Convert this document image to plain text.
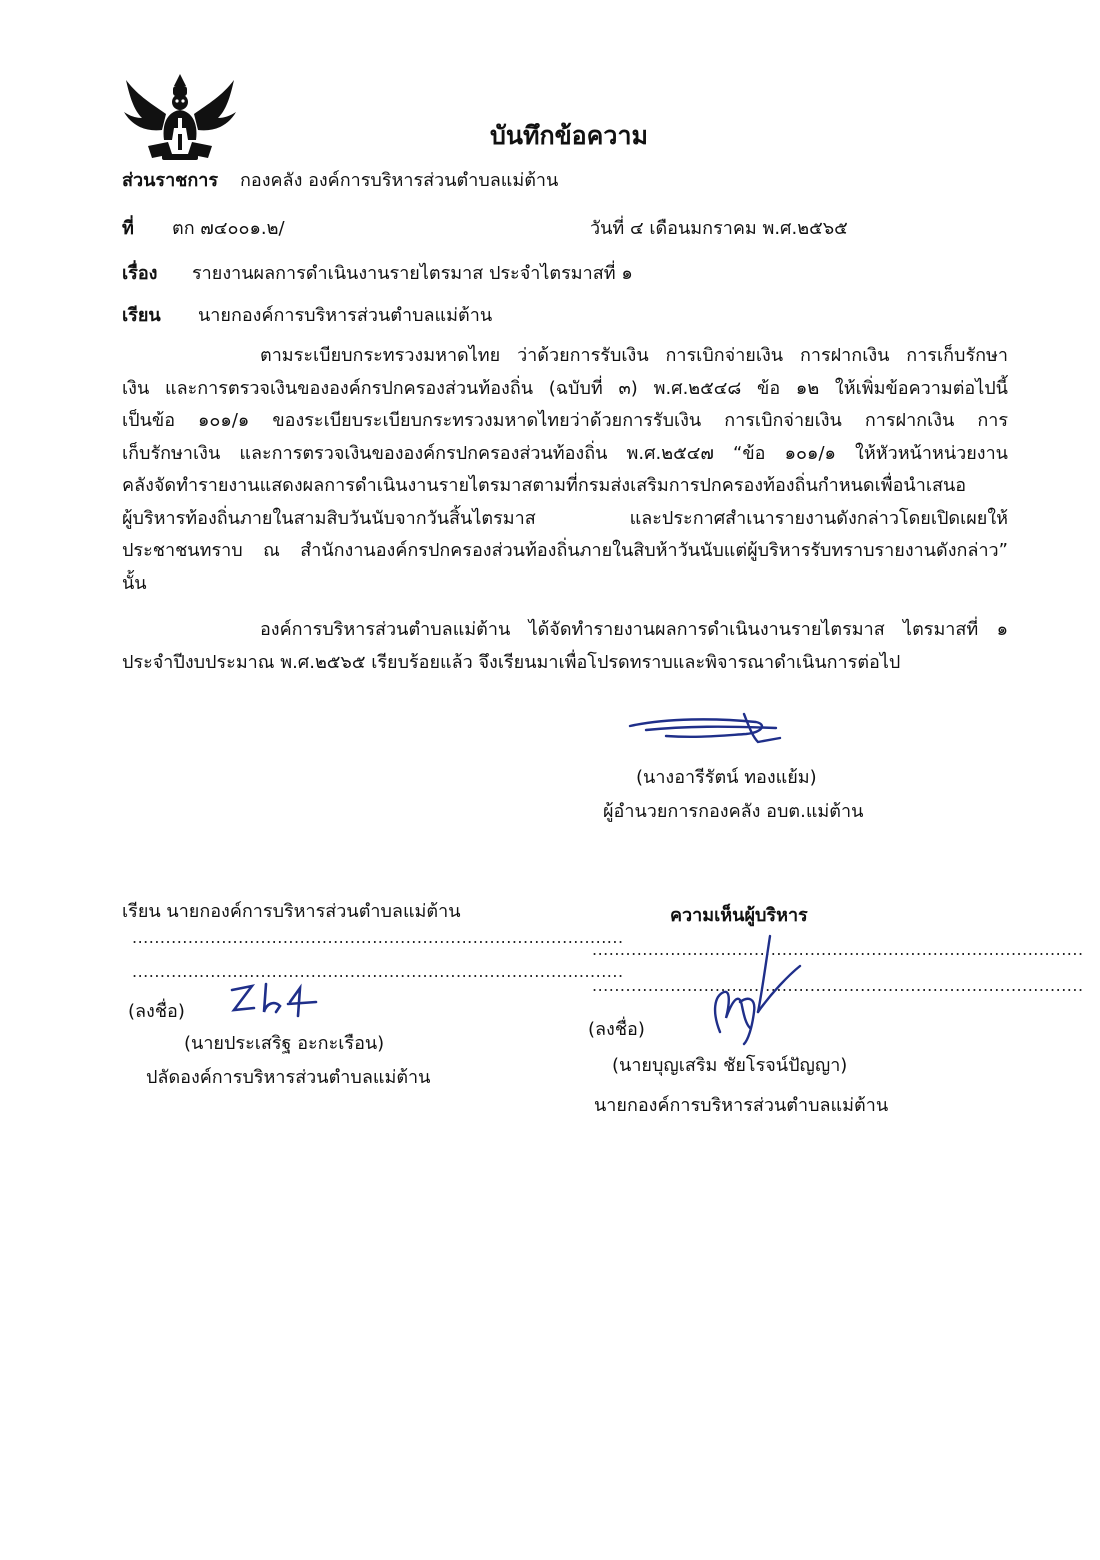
บันทึกข้อความ
ส่วนราชการ กองคลัง องค์การบริหารส่วนตำบลแม่ต้าน
ที่ ตก ๗๔๐๐๑.๒/	วันที่ ๔ เดือนมกราคม พ.ศ.๒๕๖๕
เรื่อง รายงานผลการดำเนินงานรายไตรมาส ประจำไตรมาสที่ ๑
เรียน นายกองค์การบริหารส่วนตำบลแม่ต้าน
ตามระเบียบกระทรวงมหาดไทย ว่าด้วยการรับเงิน การเบิกจ่ายเงิน การฝากเงิน การเก็บรักษา
เงิน และการตรวจเงินขององค์กรปกครองส่วนท้องถิ่น (ฉบับที่ ๓) พ.ศ.๒๕๔๘ ข้อ ๑๒ ให้เพิ่มข้อความต่อไปนี้
เป็นข้อ ๑๐๑/๑ ของระเบียบระเบียบกระทรวงมหาดไทยว่าด้วยการรับเงิน การเบิกจ่ายเงิน การฝากเงิน การ
เก็บรักษาเงิน และการตรวจเงินขององค์กรปกครองส่วนท้องถิ่น พ.ศ.๒๕๔๗ “ข้อ ๑๐๑/๑ ให้หัวหน้าหน่วยงาน
คลังจัดทำรายงานแสดงผลการดำเนินงานรายไตรมาสตามที่กรมส่งเสริมการปกครองท้องถิ่นกำหนดเพื่อนำเสนอ
ผู้บริหารท้องถิ่นภายในสามสิบวันนับจากวันสิ้นไตรมาส และประกาศสำเนารายงานดังกล่าวโดยเปิดเผยให้
ประชาชนทราบ ณ สำนักงานองค์กรปกครองส่วนท้องถิ่นภายในสิบห้าวันนับแต่ผู้บริหารรับทราบรายงานดังกล่าว”
นั้น
องค์การบริหารส่วนตำบลแม่ต้าน ได้จัดทำรายงานผลการดำเนินงานรายไตรมาส ไตรมาสที่ ๑
ประจำปีงบประมาณ พ.ศ.๒๕๖๕ เรียบร้อยแล้ว จึงเรียนมาเพื่อโปรดทราบและพิจารณาดำเนินการต่อไป
(นางอารีรัตน์ ทองแย้ม)
ผู้อำนวยการกองคลัง อบต.แม่ต้าน
เรียน นายกองค์การบริหารส่วนตำบลแม่ต้าน
........................................................................................
........................................................................................
(ลงชื่อ)
(นายประเสริฐ อะกะเรือน)
ปลัดองค์การบริหารส่วนตำบลแม่ต้าน
ความเห็นผู้บริหาร
........................................................................................
........................................................................................
(ลงชื่อ)
(นายบุญเสริม ชัยโรจน์ปัญญา)
นายกองค์การบริหารส่วนตำบลแม่ต้าน
